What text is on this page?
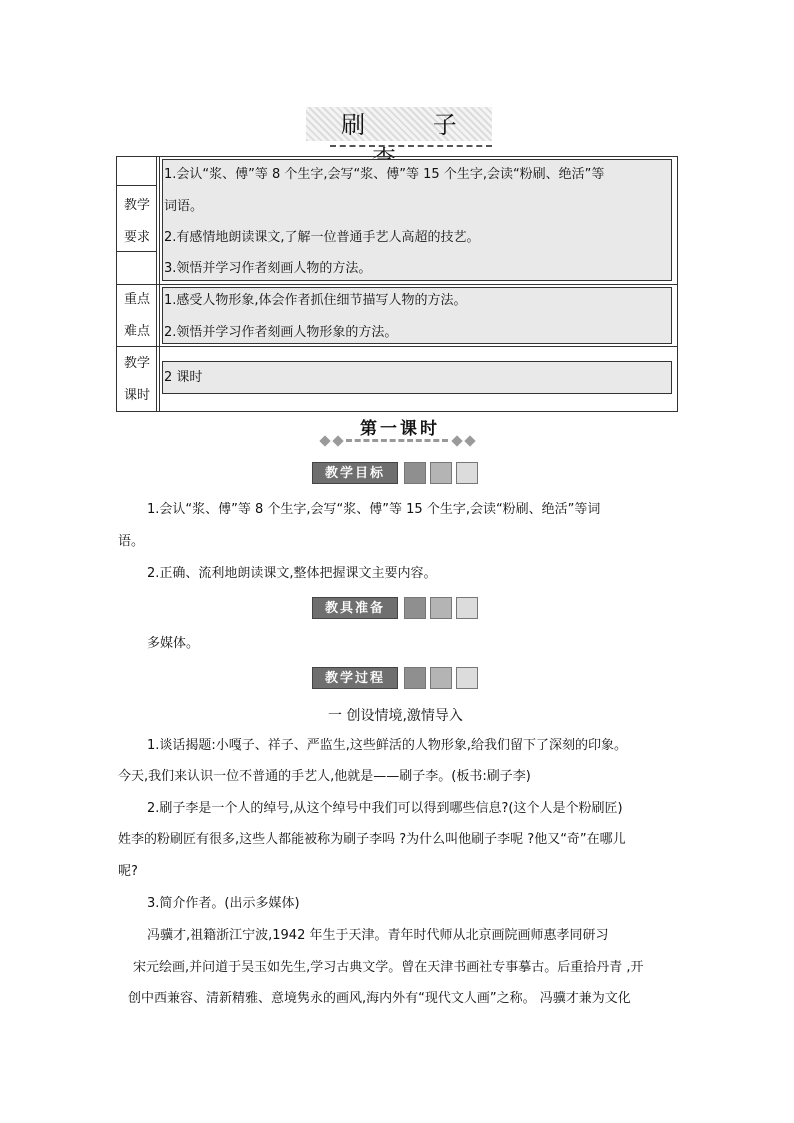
刷 子
教学
要求
1.会认“浆、傅”等 8 个生字,会写“浆、傅”等 15 个生字,会读“粉刷、绝活”等
词语。
2.有感情地朗读课文,了解一位普通手艺人高超的技艺。
3.领悟并学习作者刻画人物的方法。
重点
难点
1.感受人物形象,体会作者抓住细节描写人物的方法。
2.领悟并学习作者刻画人物形象的方法。
教学
课时
2 课时
第一课时
教学目标
1.会认“浆、傅”等 8 个生字,会写“浆、傅”等 15 个生字,会读“粉刷、绝活”等词
语。
2.正确、流利地朗读课文,整体把握课文主要内容。
教具准备
多媒体。
教学过程
一 创设情境,激情导入
1.谈话揭题:小嘎子、祥子、严监生,这些鲜活的人物形象,给我们留下了深刻的印象。
今天,我们来认识一位不普通的手艺人,他就是——刷子李。(板书:刷子李)
2.刷子李是一个人的绰号,从这个绰号中我们可以得到哪些信息?(这个人是个粉刷匠)
姓李的粉刷匠有很多,这些人都能被称为刷子李吗 ?为什么叫他刷子李呢 ?他又“奇”在哪儿
呢?
3.简介作者。(出示多媒体)
冯骥才,祖籍浙江宁波,1942 年生于天津。青年时代师从北京画院画师惠孝同研习
宋元绘画,并问道于吴玉如先生,学习古典文学。曾在天津书画社专事摹古。后重拾丹青 ,开
创中西兼容、清新精雅、意境隽永的画风,海内外有“现代文人画”之称。 冯骥才兼为文化
